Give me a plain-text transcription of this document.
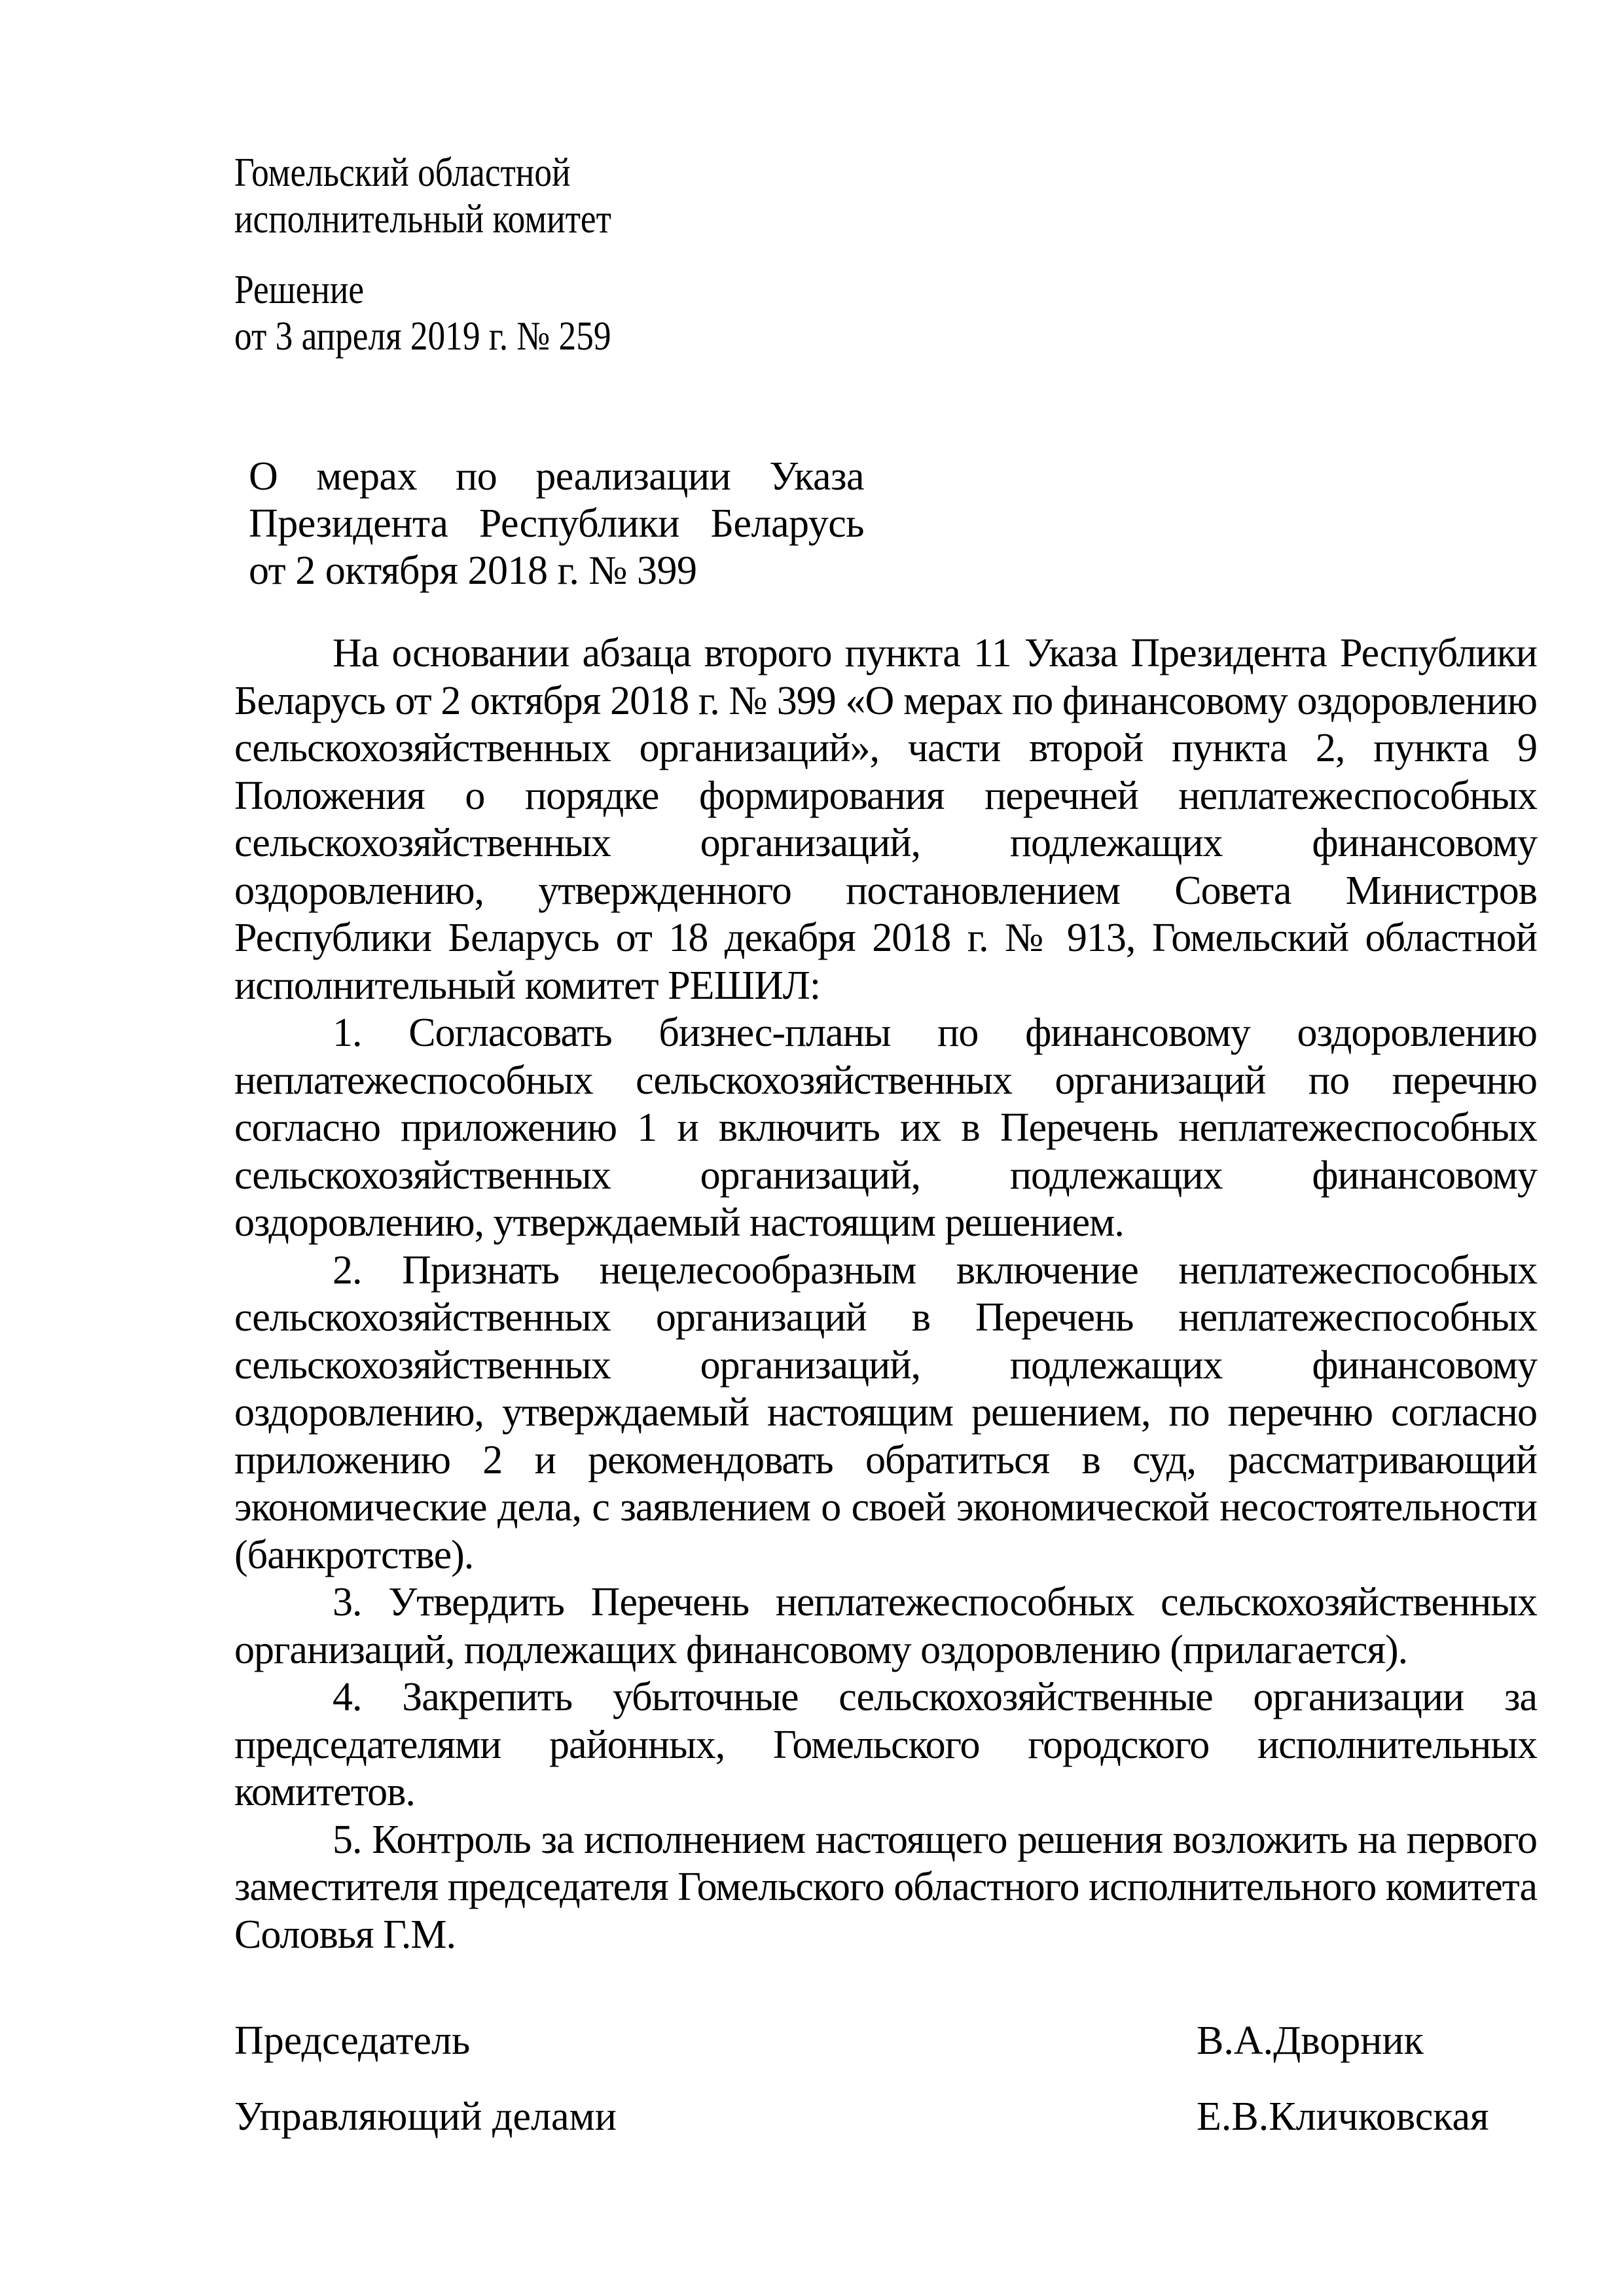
Гомельский областной
исполнительный комитет
Решение
от 3 апреля 2019 г. № 259
О мерах по реализации Указа
Президента Республики Беларусь
от 2 октября 2018 г. № 399

На основании абзаца второго пункта 11 Указа Президента Республики Беларусь от 2 октября 2018 г. № 399 «О мерах по финансовому оздоровлению сельскохозяйственных организаций», части второй пункта 2, пункта 9 Положения о порядке формирования перечней неплатежеспособных сельскохозяйственных организаций, подлежащих финансовому оздоровлению, утвержденного постановлением Совета Министров Республики Беларусь от 18 декабря 2018 г. № 913, Гомельский областной исполнительный комитет РЕШИЛ:

1. Согласовать бизнес-планы по финансовому оздоровлению неплатежеспособных сельскохозяйственных организаций по перечню согласно приложению 1 и включить их в Перечень неплатежеспособных сельскохозяйственных организаций, подлежащих финансовому оздоровлению, утверждаемый настоящим решением.

2. Признать нецелесообразным включение неплатежеспособных сельскохозяйственных организаций в Перечень неплатежеспособных сельскохозяйственных организаций, подлежащих финансовому оздоровлению, утверждаемый настоящим решением, по перечню согласно приложению 2 и рекомендовать обратиться в суд, рассматривающий экономические дела, с заявлением о своей экономической несостоятельности (банкротстве).

3. Утвердить Перечень неплатежеспособных сельскохозяйственных организаций, подлежащих финансовому оздоровлению (прилагается).

4. Закрепить убыточные сельскохозяйственные организации за председателями районных, Гомельского городского исполнительных комитетов.

5. Контроль за исполнением настоящего решения возложить на первого заместителя председателя Гомельского областного исполнительного комитета Соловья Г.М.

Председатель	В.А.Дворник
Управляющий делами	Е.В.Кличковская
